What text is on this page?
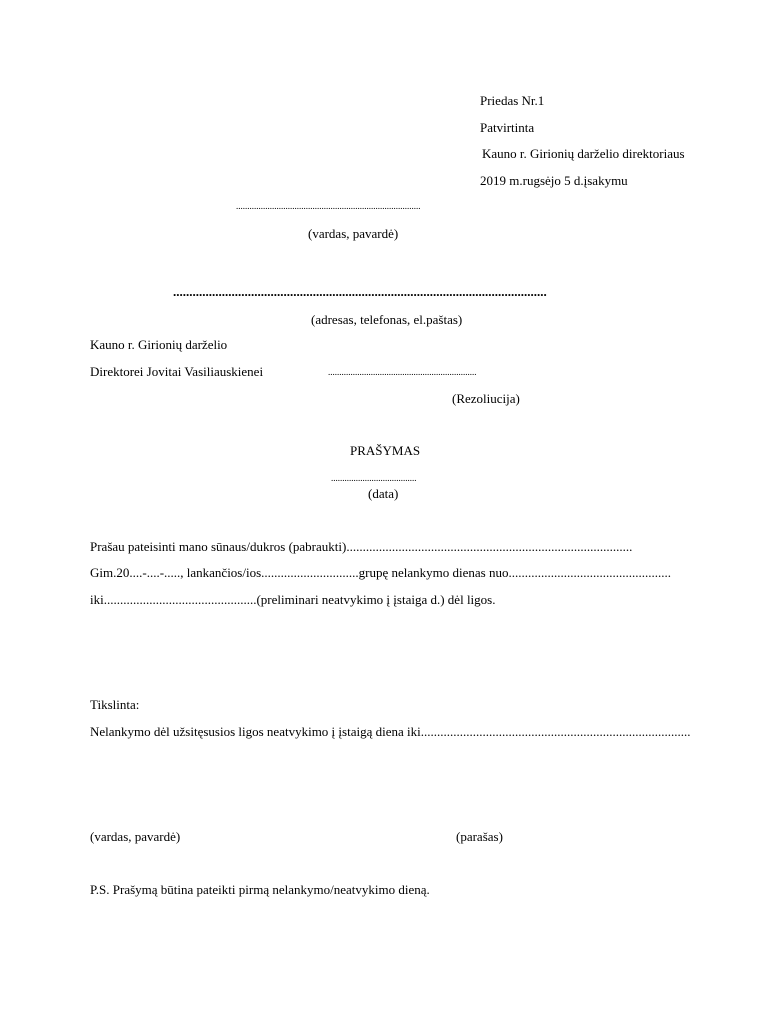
Priedas Nr.1
Patvirtinta
Kauno r. Girionių darželio direktoriaus
2019 m.rugsėjo 5 d.įsakymu
..................................................................................
(vardas, pavardė)
...................................................................................................................
(adresas, telefonas, el.paštas)
Kauno r. Girionių darželio
Direktorei Jovitai Vasiliauskienei	..................................................................
(Rezoliucija)
PRAŠYMAS
......................................
(data)
Prašau pateisinti mano sūnaus/dukros (pabraukti)........................................................................................
Gim.20....-....-....., lankančios/ios..............................grupę nelankymo dienas nuo..................................................
iki...............................................(preliminari neatvykimo į įstaiga d.) dėl ligos.
Tikslinta:
Nelankymo dėl užsitęsusios ligos neatvykimo į įstaigą diena iki...................................................................................
(vardas, pavardė)	(parašas)
P.S. Prašymą būtina pateikti pirmą nelankymo/neatvykimo dieną.
